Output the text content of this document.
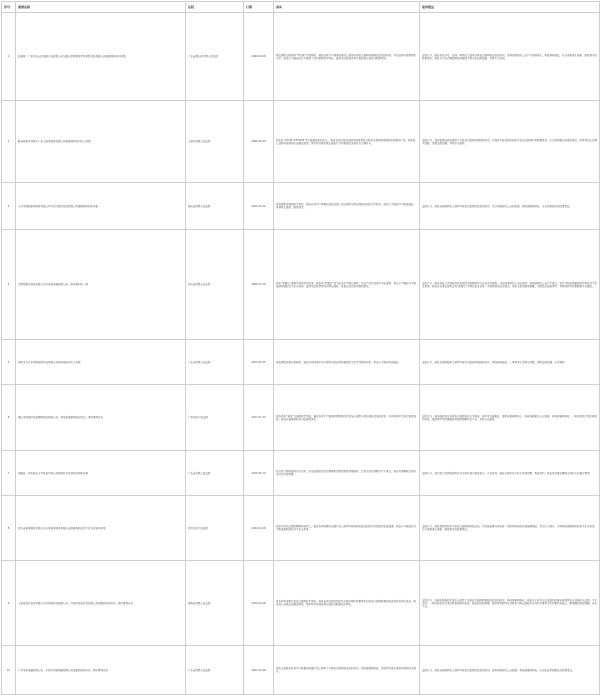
序号	案例名称	法院	日期	事实	裁判理由
1	张福根、广州市白云区田园实业有限公司与佛山市顺德区罗汉蒸熟食品有限公司侵害商标权纠纷案	广东省佛山市中级人民法院	1999.02.26	原告拥有注册商标“罗汉果”系列商标，被告在其生产销售的商品上使用与原告注册商标相同或近似的标识，并在宣传中使用相关文字，原告认为被告的行为侵犯了其注册商标专用权，遂诉至法院请求判令被告停止侵权并赔偿损失。	法院认为，被告未经许可，在同一种商品上使用与原告注册商标近似的标识，容易导致相关公众产生混淆误认，构成商标侵权，应当承担停止侵害、赔偿损失的民事责任。被告关于其合理使用的抗辩缺乏事实和法律依据，本院不予采纳。
2	路易威登马利蒂与广州上海某贸易有限公司侵害商标权纠纷上诉案	上海市高级人民法院	2005.06.29	原告系“LOUIS VUITTON”等注册商标的权利人，被告在其经营的店铺中销售带有与原告注册商标相同标识的箱包产品，原告经公证购买取得相关证据后起诉，请求判令被告停止侵权行为并赔偿经济损失及合理开支。	法院认为，被告销售的商品使用了与原告注册商标相同的标识，且被告不能证明该商品系其合法取得并说明提供者，应当承担相应的侵权责任。原审判决认定事实清楚，适用法律正确，本院予以维持。
3	义乌市国际欧尚商贸有限公司与武汉德汉食品有限公司侵害商标权纠纷案	湖北省高级人民法院	2010.11.10	原告拥有涉案商标专用权，被告在其生产销售的食品包装上突出使用与原告商标近似的文字标识，原告认为被告行为构成侵权，诉请停止侵权、赔偿损失。	法院认为，被告在相同商品上使用与原告注册商标近似的标识，足以导致相关公众的混淆，构成侵害商标权，应当承担相应的民事责任。
4	合肥荣事达电机有限公司与某某电器有限公司、陈某某纠纷一案	四川省高级人民法院	2008.12.19	原告“荣事达”商标具有较高知名度，被告将“荣事达”作为企业字号登记使用，并在产品及宣传中突出使用，原告认为被告行为构成商标侵权及不正当竞争，遂诉至法院请求判令停止侵权、变更企业名称并赔偿损失。	法院认为，被告将他人具有较高知名度的注册商标作为企业字号使用，并在同类商品上突出使用，容易使相关公众产生误认，其行为构成侵害商标专用权及不正当竞争。被告应当停止使用含有“荣事达”字样的企业名称，并赔偿原告经济损失。原告主张的赔偿数额，本院结合侵权情节、持续时间等因素酌情予以确定。
5	商标宝与北京某某网络科技有限公司商标侵权纠纷上诉案	广东省高级人民法院	2013.06.30	原告拥有涉案注册商标，被告在其网络平台中使用与原告商标相同的文字作为服务名称，原告认为被告构成侵权。	法院认为，被告在相同服务上使用与原告注册商标相同的标识，构成商标侵权，一审判决认定事实清楚，适用法律正确，应予维持。
6	佛山市南海区某某塑胶制品有限公司、林某某侵害商标权纠纷二审民事判决书	广州知识产权法院	2017.07.10	原告享有“某某”注册商标专用权，被告在其生产销售的塑胶制品及包装上使用与原告商标近似的标识，并在网络平台进行销售宣传，原告以侵害商标权为由提起诉讼。	法院认为，被诉侵权标识与原告注册商标在文字构成、呼叫等方面相近，使用在相同商品上，容易导致相关公众混淆，构成侵害商标权。一审法院综合考虑商标知名度、侵权情节等因素确定的赔偿数额并无不当，本院予以维持。
7	周国民、李兆刚与江苏某某市场公司商标权许可使用合同纠纷案	广东省高级人民法院	2015.05.19	双方签订商标使用许可合同，约定由被告在约定期限和范围内使用涉案商标，后双方就合同履行产生争议，原告诉请解除合同并支付许可使用费。	法院认为，双方签订的商标使用许可合同系真实意思表示，合法有效，被告未按约定支付许可使用费，构成违约，原告有权要求解除合同并支付相应费用。
8	四川省某某酒业有限公司与某某某贸易有限公司侵害商标权及不正当竞争纠纷案	四川知识产权法院	2022.04.26	原告系知名白酒品牌商标权利人，被告在其销售的白酒产品上使用与原告商标近似的标识及相近的包装装潢，原告认为被告的行为构成商标侵权及不正当竞争。	法院认为，被告使用的标识与原告注册商标构成近似，且包装装潢与原告有一定影响的商品包装装潢相近，足以引人误认，分别构成侵害商标权和不正当竞争，应当承担停止侵害、赔偿损失的民事责任。
9	上海某某化妆品有限公司与某某科技有限公司、沈阳市某某百货有限公司侵害商标权纠纷二审民事判决书	湖南省高级人民法院	2019.09.18	原告享有涉案化妆品注册商标专用权，被告在其经营的网店及实体店铺中销售带有与原告注册商标相同或近似标识的化妆品，原告经公证保全证据后起诉，请求判令各被告停止侵权并赔偿经济损失。	法院认为，各被告销售的化妆品上使用了与原告注册商标相同或近似的标识，构成侵害商标权。被告关于其系合法来源的抗辩未能提供充分证据予以证明，不予支持。一审法院在综合考虑原告商标知名度、被告的经营规模、侵权持续时间以及原告为制止侵权所支付的合理开支等因素的基础上，酌情确定赔偿数额，并无不当。
10	广东某某电器有限公司、东莞市某某电器有限公司侵害商标权纠纷二审民事判决书	广东省高级人民法院	2021.05.28	原告主张被告在其生产销售的电器产品上使用了与原告注册商标近似的标识，构成侵害商标权，请求判令停止侵权并赔偿经济损失。	法院认为，被告在相同商品上使用与原告注册商标近似的标识，容易导致相关公众混淆，构成侵害商标权，应当依法承担相应的民事责任。
